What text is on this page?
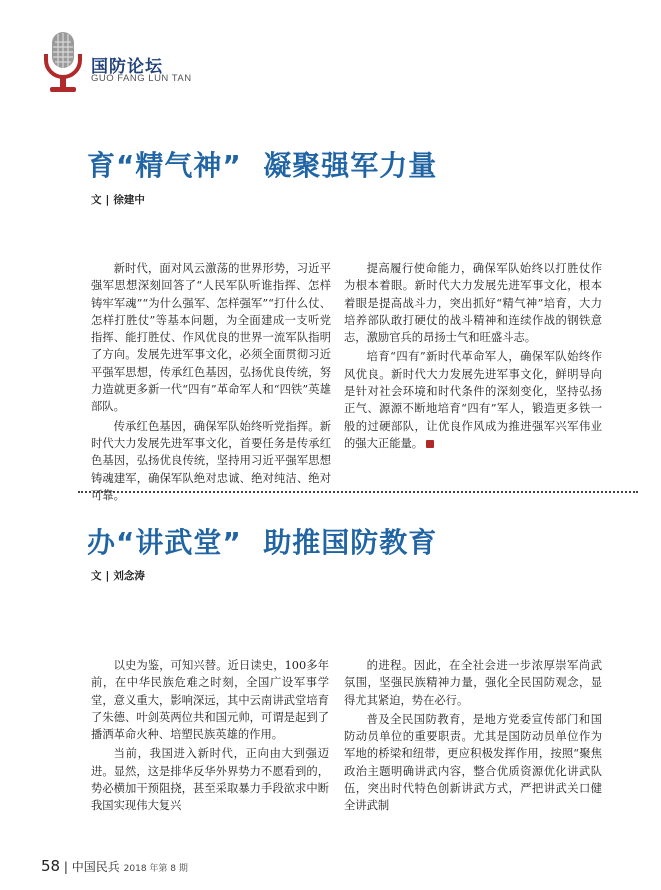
国防论坛
GUO FANG LUN TAN
育“精气神”  凝聚强军力量
文 | 徐建中

新时代，面对风云激荡的世界形势，习近平强军思想深刻回答了“人民军队听谁指挥、怎样铸牢军魂”“为什么强军、怎样强军”“打什么仗、怎样打胜仗”等基本问题，为全面建成一支听党指挥、能打胜仗、作风优良的世界一流军队指明了方向。发展先进军事文化，必须全面贯彻习近平强军思想，传承红色基因，弘扬优良传统，努力造就更多新一代“四有”革命军人和“四铁”英雄部队。

传承红色基因，确保军队始终听党指挥。新时代大力发展先进军事文化，首要任务是传承红色基因，弘扬优良传统，坚持用习近平强军思想铸魂建军，确保军队绝对忠诚、绝对纯洁、绝对可靠。

提高履行使命能力，确保军队始终以打胜仗作为根本着眼。新时代大力发展先进军事文化，根本着眼是提高战斗力，突出抓好“精气神”培育，大力培养部队敢打硬仗的战斗精神和连续作战的钢铁意志，激励官兵的昂扬士气和旺盛斗志。

培育“四有”新时代革命军人，确保军队始终作风优良。新时代大力发展先进军事文化，鲜明导向是针对社会环境和时代条件的深刻变化，坚持弘扬正气、源源不断地培育“四有”军人，锻造更多铁一般的过硬部队，让优良作风成为推进强军兴军伟业的强大正能量。

办“讲武堂”  助推国防教育
文 | 刘念涛

以史为鉴，可知兴替。近日读史，100多年前，在中华民族危难之时刻，全国广设军事学堂，意义重大，影响深远，其中云南讲武堂培育了朱德、叶剑英两位共和国元帅，可谓是起到了播洒革命火种、培塑民族英雄的作用。

当前，我国进入新时代，正向由大到强迈进。显然，这是排华反华外界势力不愿看到的，势必横加干预阻挠，甚至采取暴力手段欲求中断我国实现伟大复兴

的进程。因此，在全社会进一步浓厚崇军尚武氛围，坚强民族精神力量，强化全民国防观念，显得尤其紧迫，势在必行。

普及全民国防教育，是地方党委宣传部门和国防动员单位的重要职责。尤其是国防动员单位作为军地的桥梁和纽带，更应积极发挥作用，按照“聚焦政治主题明确讲武内容，整合优质资源优化讲武队伍，突出时代特色创新讲武方式，严把讲武关口健全讲武制

58 | 中国民兵 2018 年第 8 期
